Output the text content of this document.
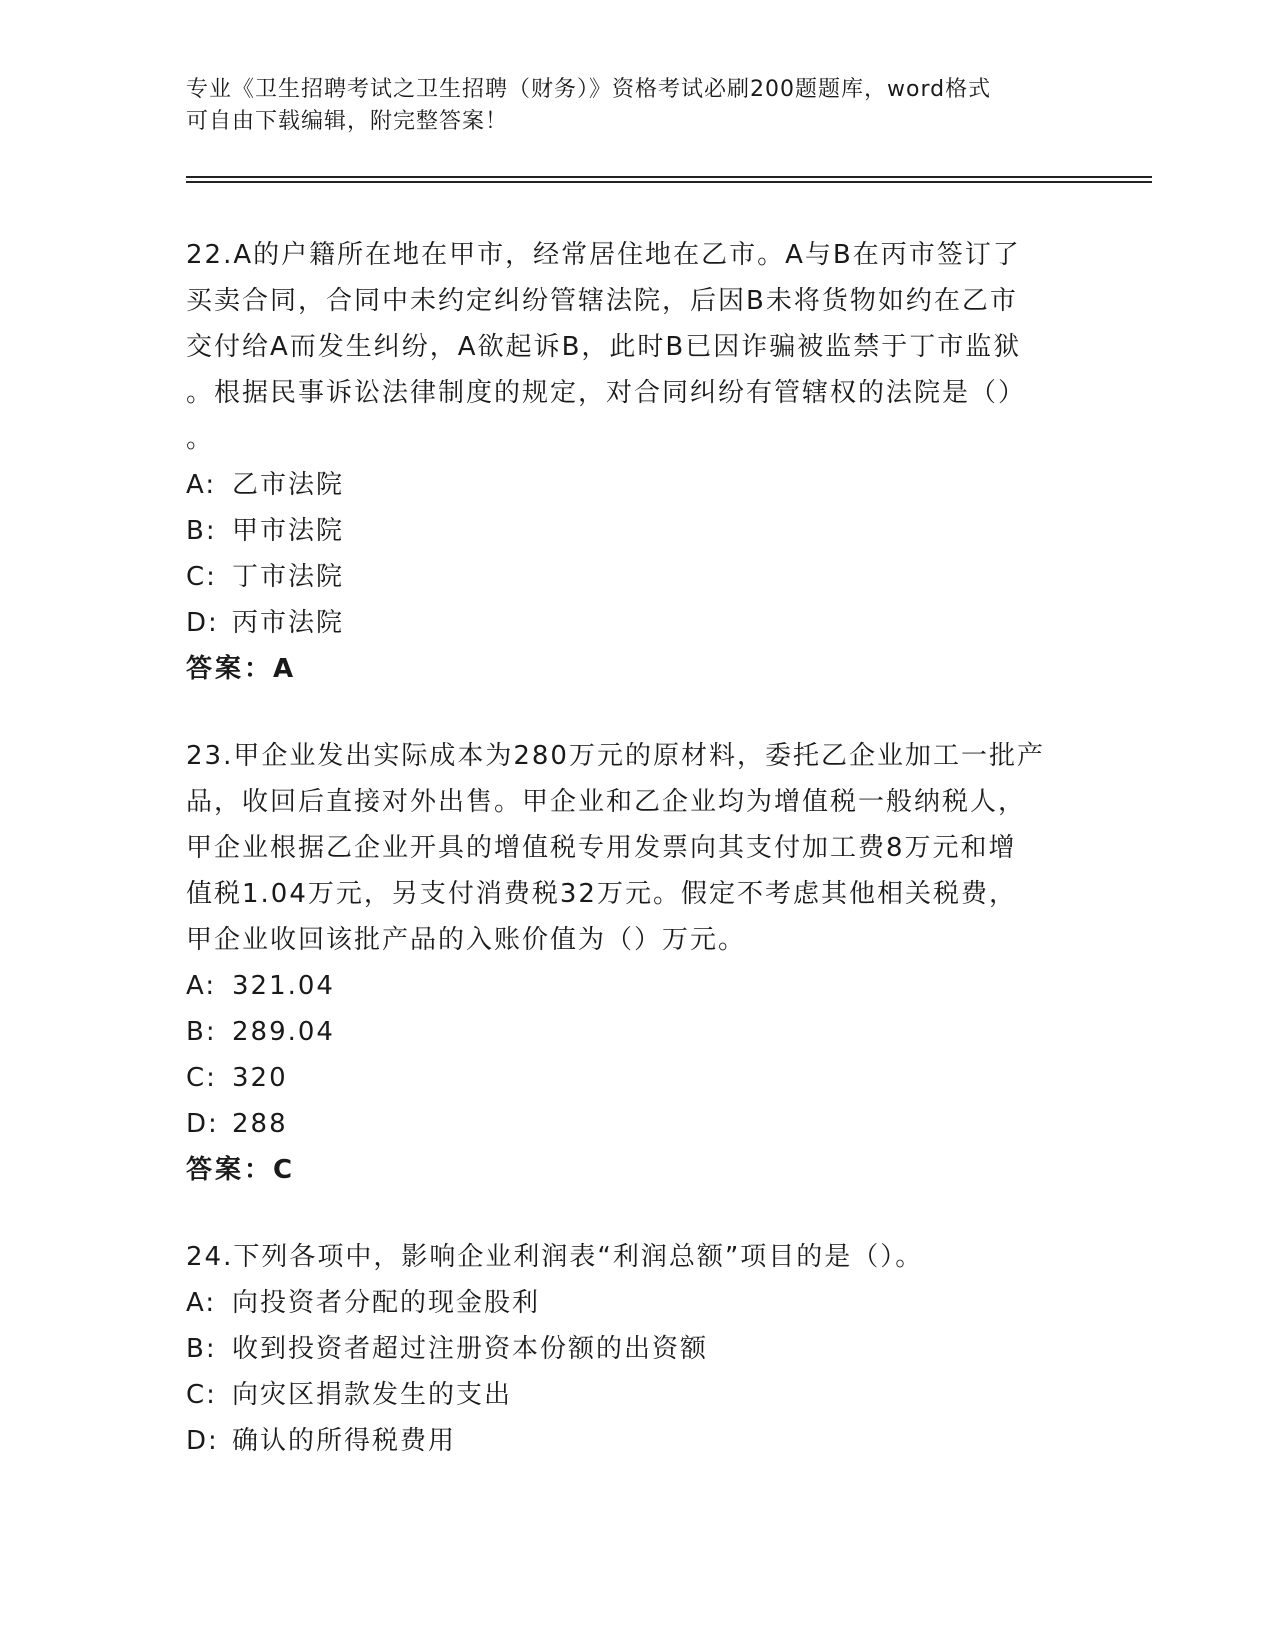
专业《卫生招聘考试之卫生招聘（财务）》资格考试必刷200题题库，word格式
可自由下载编辑，附完整答案！

22.A的户籍所在地在甲市，经常居住地在乙市。A与B在丙市签订了

买卖合同，合同中未约定纠纷管辖法院，后因B未将货物如约在乙市

交付给A而发生纠纷，A欲起诉B，此时B已因诈骗被监禁于丁市监狱

。根据民事诉讼法律制度的规定，对合同纠纷有管辖权的法院是（）

。

A: 乙市法院

B: 甲市法院

C: 丁市法院

D: 丙市法院

答案：A

23.甲企业发出实际成本为280万元的原材料，委托乙企业加工一批产

品，收回后直接对外出售。甲企业和乙企业均为增值税一般纳税人，

甲企业根据乙企业开具的增值税专用发票向其支付加工费8万元和增

值税1.04万元，另支付消费税32万元。假定不考虑其他相关税费，

甲企业收回该批产品的入账价值为（）万元。

A: 321.04

B: 289.04

C: 320

D: 288

答案：C

24.下列各项中，影响企业利润表“利润总额”项目的是（）。

A: 向投资者分配的现金股利

B: 收到投资者超过注册资本份额的出资额

C: 向灾区捐款发生的支出

D: 确认的所得税费用
